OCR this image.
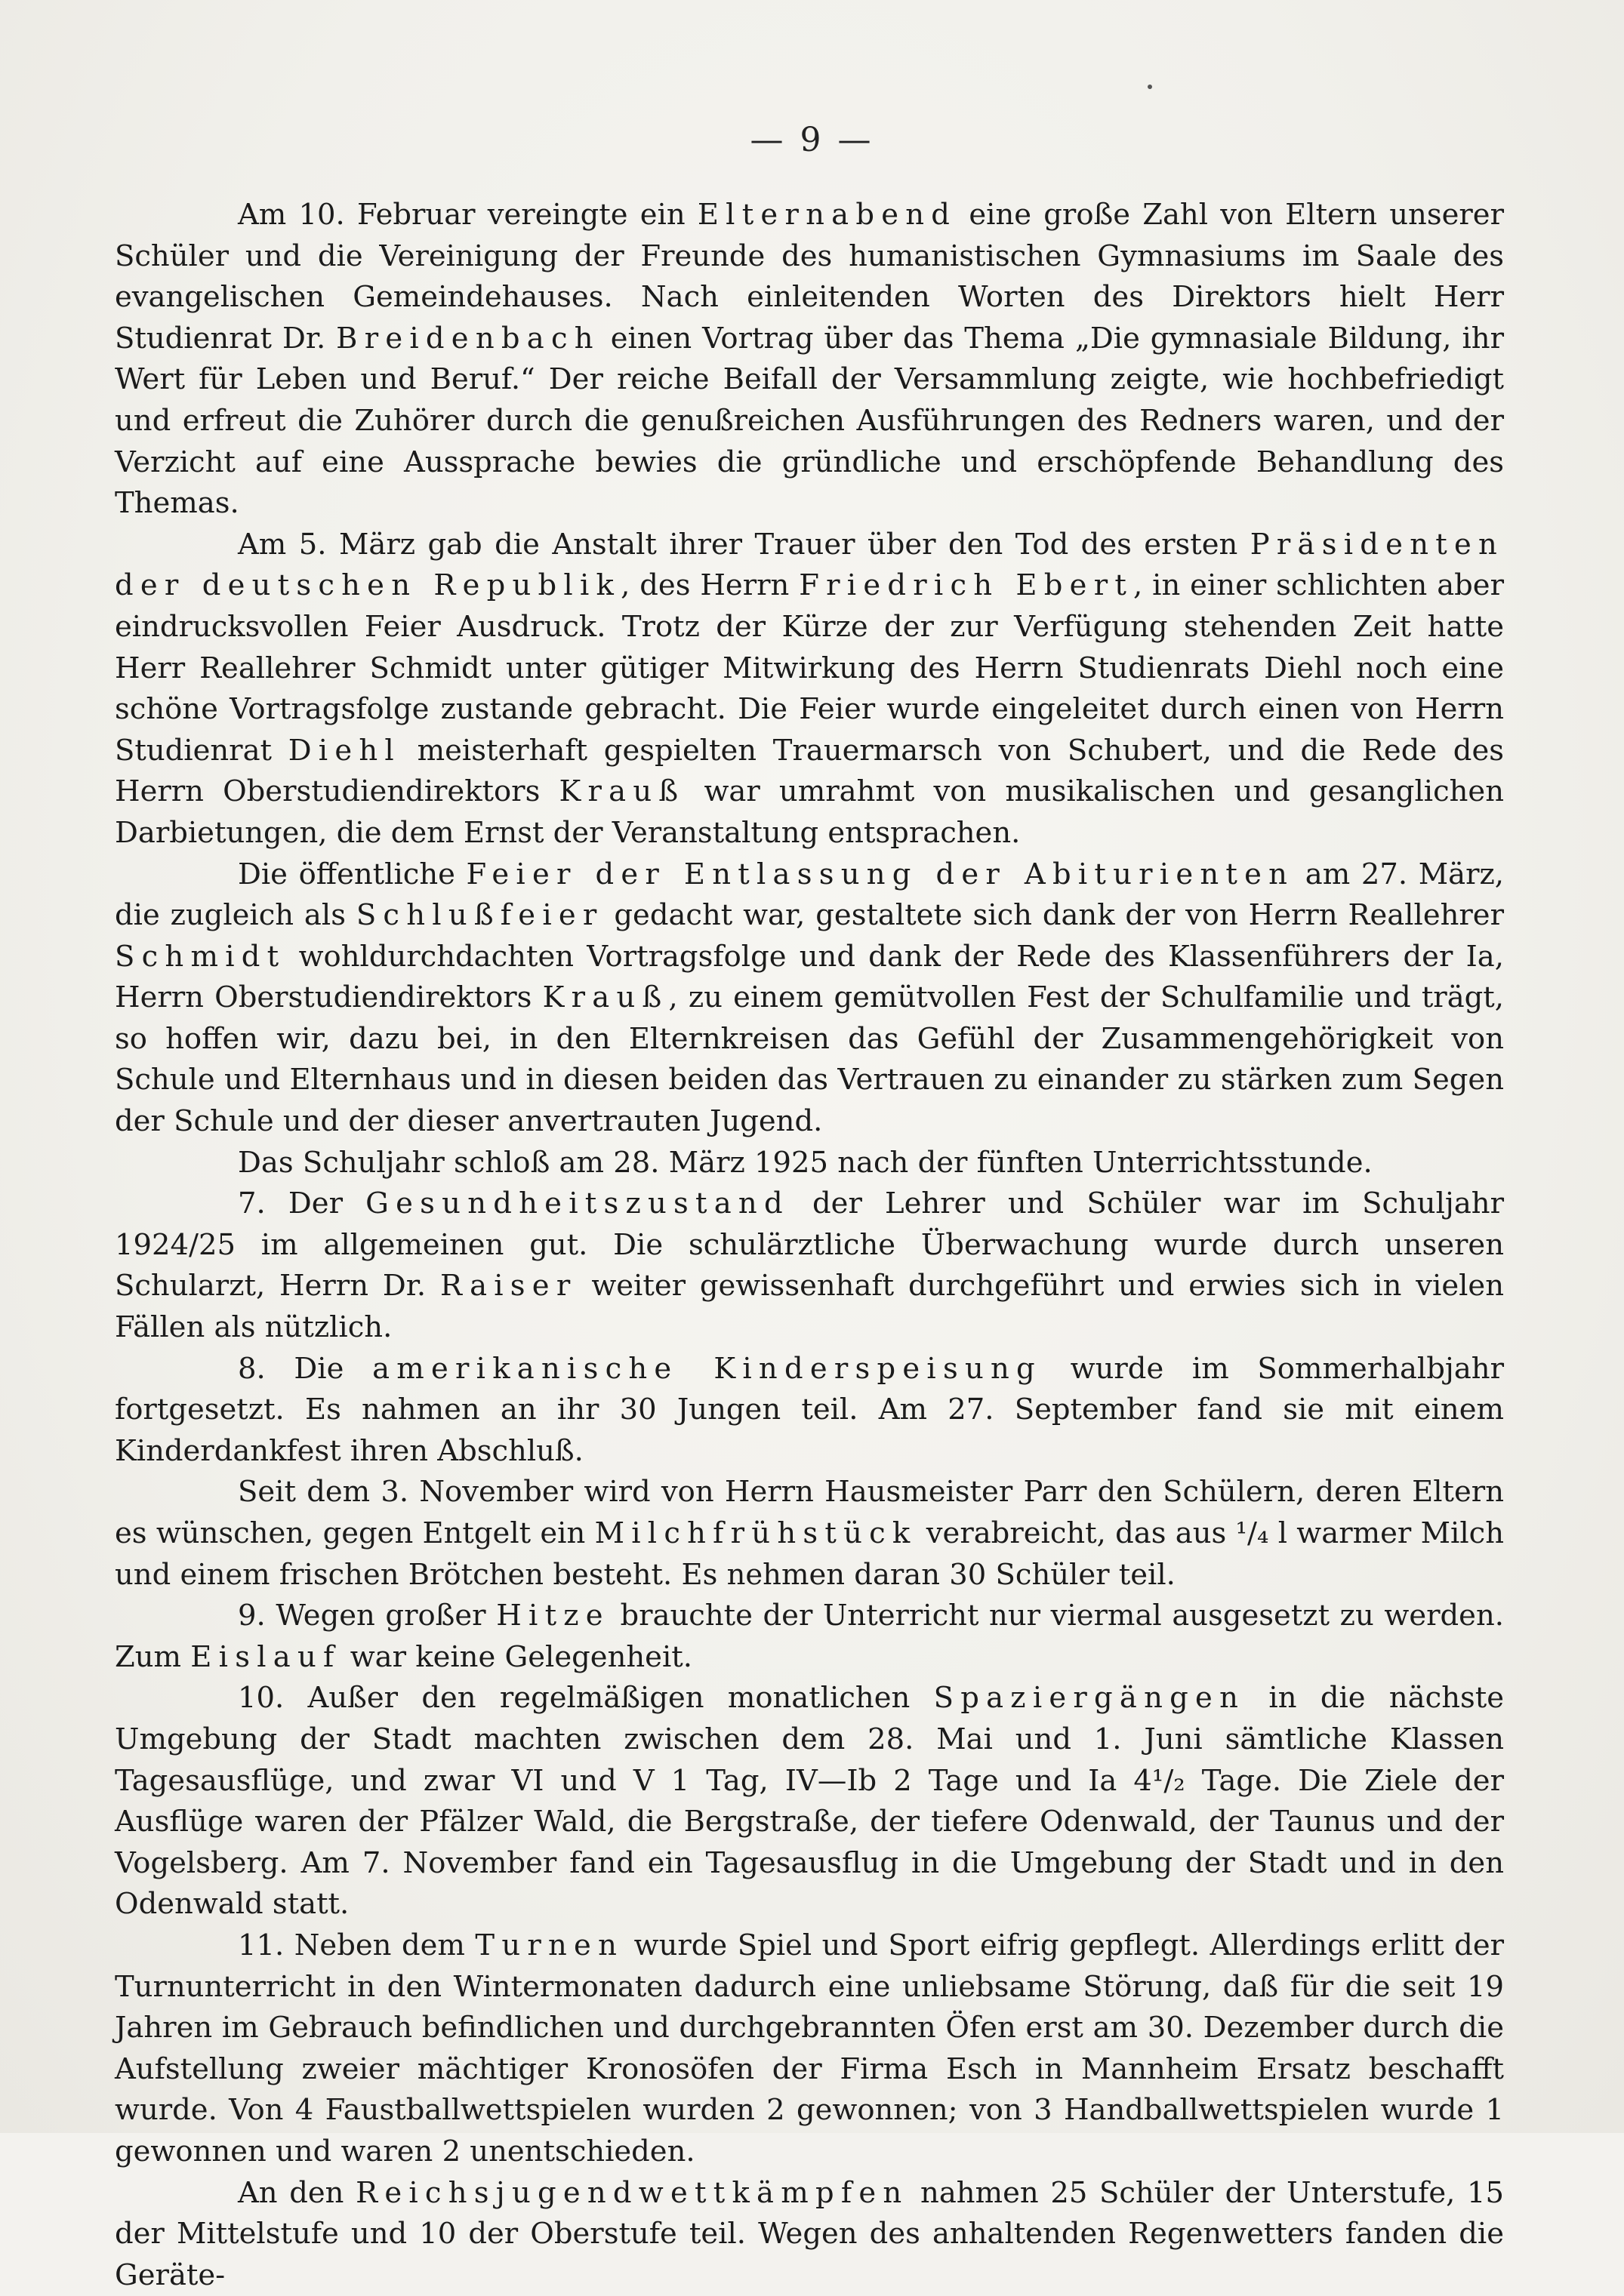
— 9 —

Am 10. Februar vereingte ein Elternabend eine große Zahl von Eltern unserer Schüler und die Vereinigung der Freunde des humanistischen Gymnasiums im Saale des evangelischen Gemeindehauses. Nach einleitenden Worten des Direktors hielt Herr Studienrat Dr. Breidenbach einen Vortrag über das Thema „Die gymnasiale Bildung, ihr Wert für Leben und Beruf.“ Der reiche Beifall der Versammlung zeigte, wie hochbefriedigt und erfreut die Zuhörer durch die genußreichen Ausführungen des Redners waren, und der Verzicht auf eine Aussprache bewies die gründliche und erschöpfende Behandlung des Themas.

Am 5. März gab die Anstalt ihrer Trauer über den Tod des ersten Präsidenten der deutschen Republik, des Herrn Friedrich Ebert, in einer schlichten aber eindrucksvollen Feier Ausdruck. Trotz der Kürze der zur Verfügung stehenden Zeit hatte Herr Reallehrer Schmidt unter gütiger Mitwirkung des Herrn Studienrats Diehl noch eine schöne Vortragsfolge zustande gebracht. Die Feier wurde eingeleitet durch einen von Herrn Studienrat Diehl meisterhaft gespielten Trauermarsch von Schubert, und die Rede des Herrn Oberstudiendirektors Krauß war umrahmt von musikalischen und gesanglichen Darbietungen, die dem Ernst der Veranstaltung entsprachen.

Die öffentliche Feier der Entlassung der Abiturienten am 27. März, die zugleich als Schlußfeier gedacht war, gestaltete sich dank der von Herrn Reallehrer Schmidt wohldurchdachten Vortragsfolge und dank der Rede des Klassenführers der Ia, Herrn Oberstudiendirektors Krauß, zu einem gemütvollen Fest der Schulfamilie und trägt, so hoffen wir, dazu bei, in den Elternkreisen das Gefühl der Zusammengehörigkeit von Schule und Elternhaus und in diesen beiden das Vertrauen zu einander zu stärken zum Segen der Schule und der dieser anvertrauten Jugend.

Das Schuljahr schloß am 28. März 1925 nach der fünften Unterrichtsstunde.

7. Der Gesundheitszustand der Lehrer und Schüler war im Schuljahr 1924/25 im allgemeinen gut. Die schulärztliche Überwachung wurde durch unseren Schularzt, Herrn Dr. Raiser weiter gewissenhaft durchgeführt und erwies sich in vielen Fällen als nützlich.

8. Die amerikanische Kinderspeisung wurde im Sommerhalbjahr fortgesetzt. Es nahmen an ihr 30 Jungen teil. Am 27. September fand sie mit einem Kinderdankfest ihren Abschluß.

Seit dem 3. November wird von Herrn Hausmeister Parr den Schülern, deren Eltern es wünschen, gegen Entgelt ein Milchfrühstück verabreicht, das aus ¹/₄ l warmer Milch und einem frischen Brötchen besteht. Es nehmen daran 30 Schüler teil.

9. Wegen großer Hitze brauchte der Unterricht nur viermal ausgesetzt zu werden. Zum Eislauf war keine Gelegenheit.

10. Außer den regelmäßigen monatlichen Spaziergängen in die nächste Umgebung der Stadt machten zwischen dem 28. Mai und 1. Juni sämtliche Klassen Tagesausflüge, und zwar VI und V 1 Tag, IV—Ib 2 Tage und Ia 4¹/₂ Tage. Die Ziele der Ausflüge waren der Pfälzer Wald, die Bergstraße, der tiefere Odenwald, der Taunus und der Vogelsberg. Am 7. November fand ein Tagesausflug in die Umgebung der Stadt und in den Odenwald statt.

11. Neben dem Turnen wurde Spiel und Sport eifrig gepflegt. Allerdings erlitt der Turnunterricht in den Wintermonaten dadurch eine unliebsame Störung, daß für die seit 19 Jahren im Gebrauch befindlichen und durchgebrannten Öfen erst am 30. Dezember durch die Aufstellung zweier mächtiger Kronosöfen der Firma Esch in Mannheim Ersatz beschafft wurde. Von 4 Faustballwettspielen wurden 2 gewonnen; von 3 Handballwettspielen wurde 1 gewonnen und waren 2 unentschieden.

An den Reichsjugendwettkämpfen nahmen 25 Schüler der Unterstufe, 15 der Mittelstufe und 10 der Oberstufe teil. Wegen des anhaltenden Regenwetters fanden die Geräte-
